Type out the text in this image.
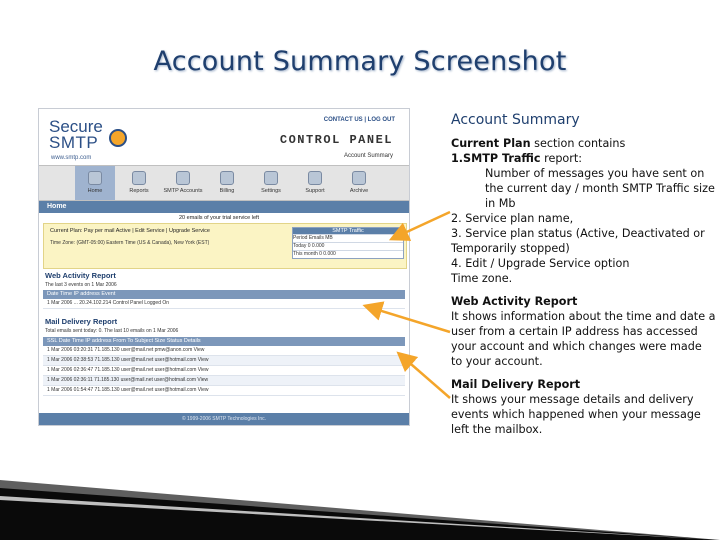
Account Summary Screenshot
Secure
SMTP
www.smtp.com
CONTACT US | LOG OUT
CONTROL PANEL
Account Summary
Home	Reports	SMTP Accounts	Billing	Settings	Support	Archive
Home
20 emails of your trial service left
Current Plan: Pay per mail Active | Edit Service | Upgrade Service
Time Zone: (GMT-05:00) Eastern Time (US & Canada), New York (EST)
SMTP Traffic
Period Emails MB
Today 0 0.000
This month 0 0.000
Web Activity Report
The last 3 events on 1 Mar 2006
Date Time IP address Event
1 Mar 2006 ... 20.24.102.214 Control Panel Logged On
Mail Delivery Report
Total emails sent today: 0. The last 10 emails on 1 Mar 2006
SSL Date Time IP address From To Subject Size Status Details
1 Mar 2006 03:20:31 71.185.130 user@mail.net pmw@anon.com View
1 Mar 2006 02:38:53 71.185.130 user@mail.net user@hotmail.com View
1 Mar 2006 02:36:47 71.185.130 user@mail.net user@hotmail.com View
1 Mar 2006 02:36:11 71.185.130 user@mail.net user@hotmail.com View
1 Mar 2006 01:54:47 71.185.130 user@mail.net user@hotmail.com View
© 1999-2006 SMTP Technologies Inc.
Account Summary
Current Plan section contains
1.SMTP Traffic report:
Number of messages you have sent on the current day / month SMTP Traffic size in Mb
2. Service plan name,
3. Service plan status (Active, Deactivated or Temporarily stopped)
4. Edit / Upgrade Service option
Time zone.
Web Activity Report
It shows information about the time and date a user from a certain IP address has accessed your account and which changes were made to your account.
Mail Delivery Report
It shows your message details and delivery events which happened when your message left the mailbox.
